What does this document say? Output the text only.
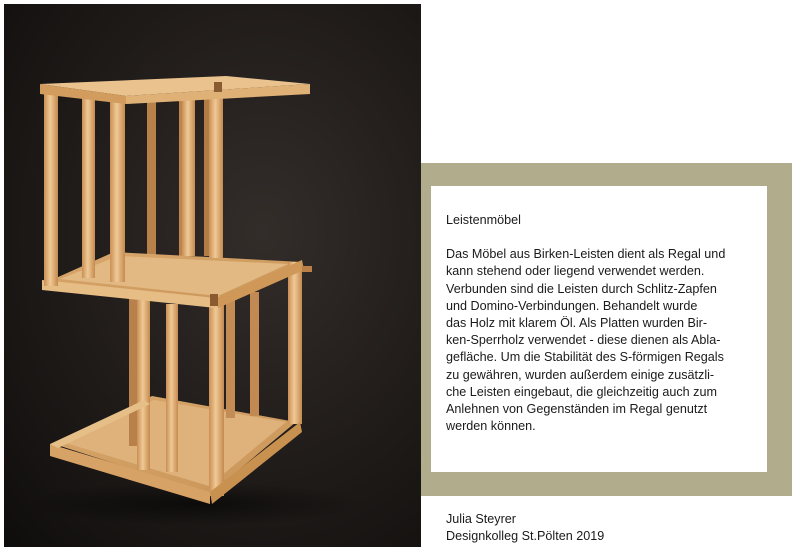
Leistenmöbel

Das Möbel aus Birken-Leisten dient als Regal und
kann stehend oder liegend verwendet werden.
Verbunden sind die Leisten durch Schlitz-Zapfen
und Domino-Verbindungen. Behandelt wurde
das Holz mit klarem Öl. Als Platten wurden Bir-
ken-Sperrholz verwendet - diese dienen als Abla-
gefläche. Um die Stabilität des S-förmigen Regals
zu gewähren, wurden außerdem einige zusätzli-
che Leisten eingebaut, die gleichzeitig auch zum
Anlehnen von Gegenständen im Regal genutzt
werden können.

Julia Steyrer
Designkolleg St.Pölten 2019
